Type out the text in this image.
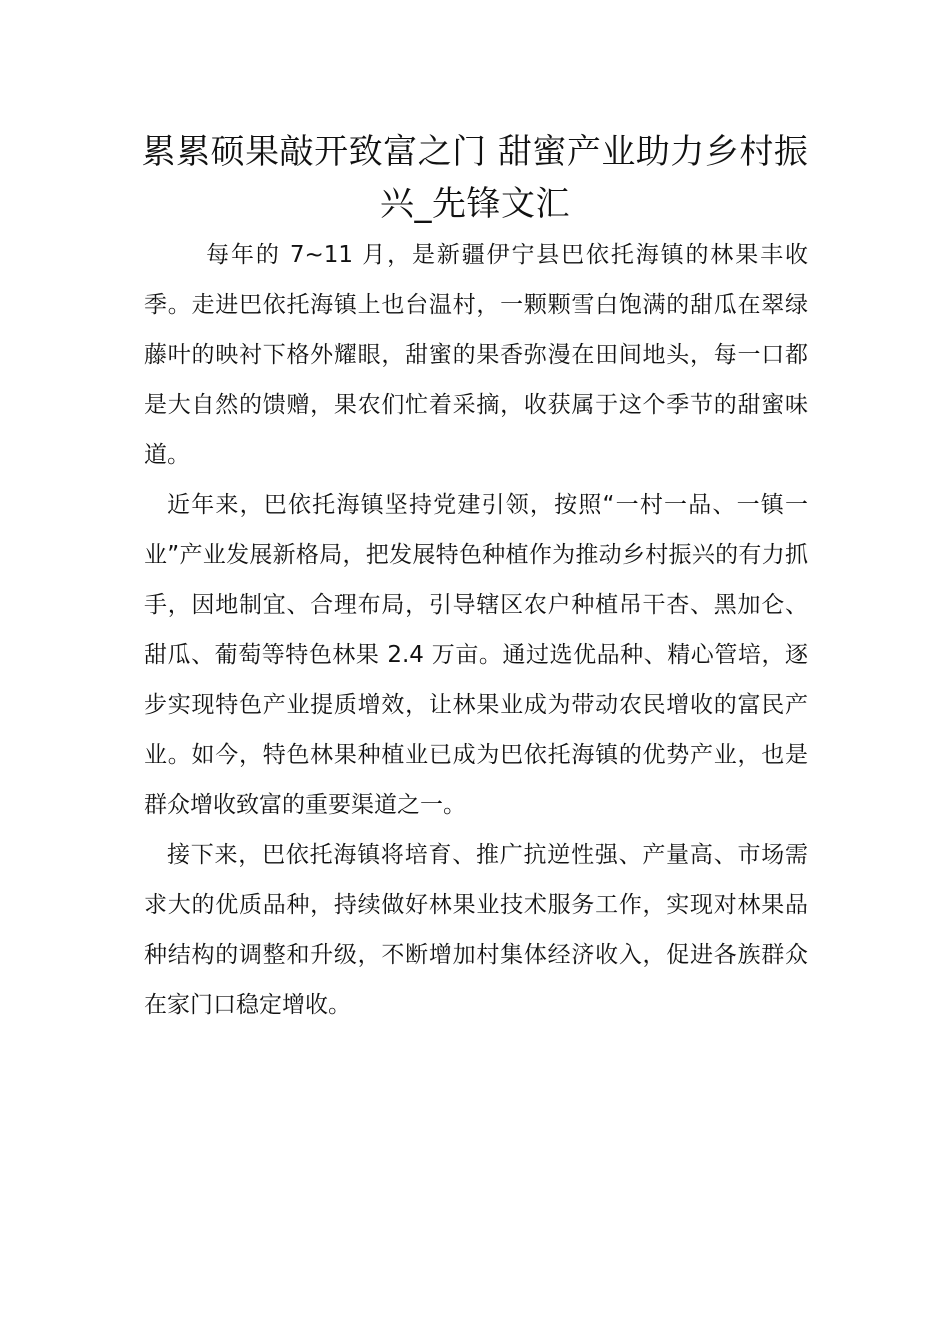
累累硕果敲开致富之门 甜蜜产业助力乡村振兴_先锋文汇

每年的 7~11 月，是新疆伊宁县巴依托海镇的林果丰收季。走进巴依托海镇上也台温村，一颗颗雪白饱满的甜瓜在翠绿藤叶的映衬下格外耀眼，甜蜜的果香弥漫在田间地头，每一口都是大自然的馈赠，果农们忙着采摘，收获属于这个季节的甜蜜味道。

近年来，巴依托海镇坚持党建引领，按照“一村一品、一镇一业”产业发展新格局，把发展特色种植作为推动乡村振兴的有力抓手，因地制宜、合理布局，引导辖区农户种植吊干杏、黑加仑、甜瓜、葡萄等特色林果 2.4 万亩。通过选优品种、精心管培，逐步实现特色产业提质增效，让林果业成为带动农民增收的富民产业。如今，特色林果种植业已成为巴依托海镇的优势产业，也是群众增收致富的重要渠道之一。

接下来，巴依托海镇将培育、推广抗逆性强、产量高、市场需求大的优质品种，持续做好林果业技术服务工作，实现对林果品种结构的调整和升级，不断增加村集体经济收入，促进各族群众在家门口稳定增收。
